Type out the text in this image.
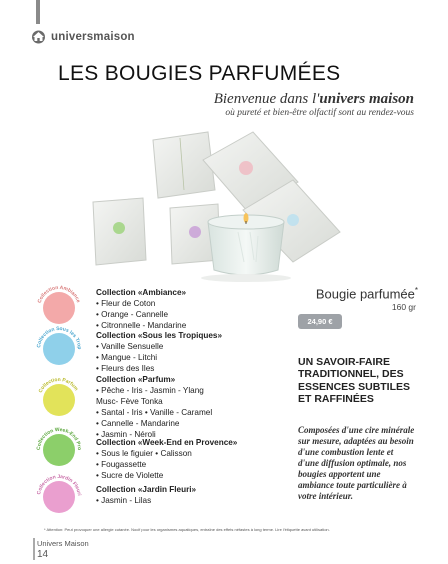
universmaison
LES BOUGIES PARFUMÉES
Bienvenue dans l'univers maison
où pureté et bien-être olfactif sont au rendez-vous
Bougie parfumée*
160 gr
24,90 €
UN SAVOIR-FAIRE TRADITIONNEL, DES ESSENCES SUBTILES ET RAFFINÉES
Composées d'une cire minérale sur mesure, adaptées au besoin d'une combustion lente et d'une diffusion optimale, nos bougies apportent une ambiance toute particulière à votre intérieur.
Collection Ambiance
Collection «Ambiance»
• Fleur de Coton
• Orange - Cannelle
• Citronnelle - Mandarine
Collection Sous les Trop
Collection «Sous les Tropiques»
• Vanille Sensuelle
• Mangue - Litchi
• Fleurs des Iles
Collection Parfum
Collection «Parfum»
• Pêche - Iris - Jasmin - Ylang
Musc- Fève Tonka
• Santal - Iris • Vanille - Caramel
• Cannelle - Mandarine
• Jasmin - Néroli
Collection Week-End Pro
Collection «Week-End en Provence»
• Sous le figuier • Calisson
• Fougassette
• Sucre de Violette
Collection Jardin Fleuri
Collection «Jardin Fleuri»
• Jasmin - Lilas
* Attention: Peut provoquer une allergie cutanée. Nocif pour les organismes aquatiques, entraîne des effets néfastes à long terme. Lire l'étiquette avant utilisation.
Univers Maison
14
